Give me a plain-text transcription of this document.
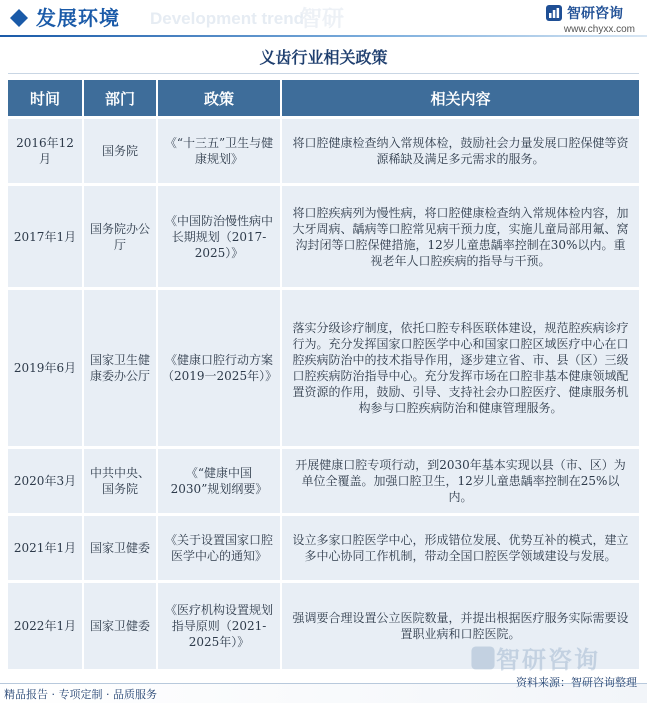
发展环境 Development trend
智研	智研咨询
www.chyxx.com
义齿行业相关政策
时间	部门	政策	相关内容
2016年12月	国务院	《“十三五”卫生与健康规划》	将口腔健康检查纳入常规体检，鼓励社会力量发展口腔保健等资源稀缺及满足多元需求的服务。
2017年1月	国务院办公厅	《中国防治慢性病中长期规划（2017-2025）》	将口腔疾病列为慢性病，将口腔健康检查纳入常规体检内容，加大牙周病、龋病等口腔常见病干预力度，实施儿童局部用氟、窝沟封闭等口腔保健措施，12岁儿童患龋率控制在30%以内。重视老年人口腔疾病的指导与干预。
2019年6月	国家卫生健康委办公厅	《健康口腔行动方案（2019一2025年）》	落实分级诊疗制度，依托口腔专科医联体建设，规范腔疾病诊疗行为。充分发挥国家口腔医学中心和国家口腔区域医疗中心在口腔疾病防治中的技术指导作用，逐步建立省、市、县（区）三级口腔疾病防治指导中心。充分发挥市场在口腔非基本健康领域配置资源的作用，鼓励、引导、支持社会办口腔医疗、健康服务机构参与口腔疾病防治和健康管理服务。
2020年3月	中共中央、国务院	《“健康中国2030”规划纲要》	开展健康口腔专项行动，到2030年基本实现以县（市、区）为单位全覆盖。加强口腔卫生，12岁儿童患龋率控制在25%以内。
2021年1月	国家卫健委	《关于设置国家口腔医学中心的通知》	设立多家口腔医学中心，形成错位发展、优势互补的模式，建立多中心协同工作机制，带动全国口腔医学领域建设与发展。
2022年1月	国家卫健委	《医疗机构设置规划指导原则（2021-2025年）》	强调要合理设置公立医院数量，并提出根据医疗服务实际需要设置职业病和口腔医院。
智研咨询
精品报告 · 专项定制 · 品质服务
资料来源：智研咨询整理
